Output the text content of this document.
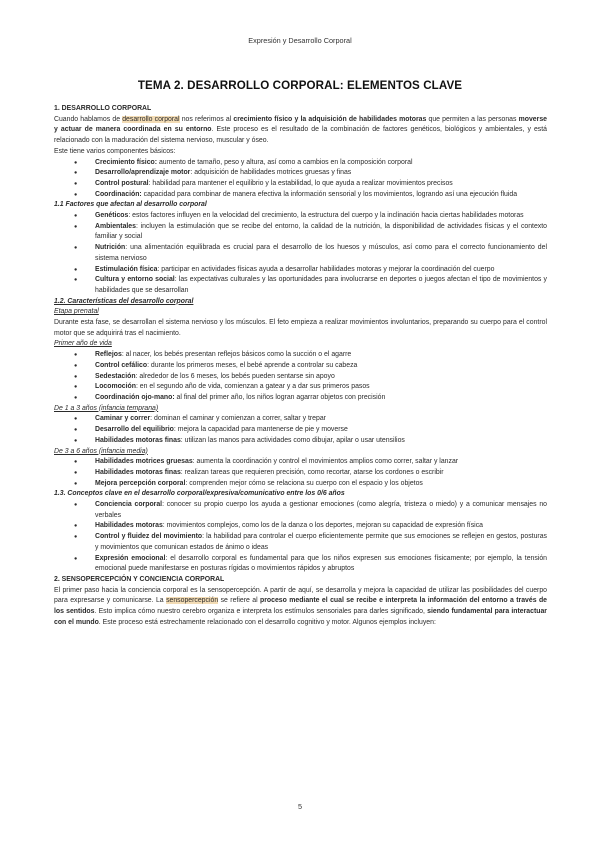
Expresión y Desarrollo Corporal
TEMA 2. DESARROLLO CORPORAL: ELEMENTOS CLAVE

1. DESARROLLO CORPORAL

Cuando hablamos de desarrollo corporal nos referimos al crecimiento físico y la adquisición de habilidades motoras que permiten a las personas moverse y actuar de manera coordinada en su entorno. Este proceso es el resultado de la combinación de factores genéticos, biológicos y ambientales, y está relacionado con la maduración del sistema nervioso, muscular y óseo.

Este tiene varios componentes básicos:

● Crecimiento físico: aumento de tamaño, peso y altura, así como a cambios en la composición corporal
● Desarrollo/aprendizaje motor: adquisición de habilidades motrices gruesas y finas
● Control postural: habilidad para mantener el equilibrio y la estabilidad, lo que ayuda a realizar movimientos precisos
● Coordinación: capacidad para combinar de manera efectiva la información sensorial y los movimientos, logrando así una ejecución fluida

1.1 Factores que afectan al desarrollo corporal

● Genéticos: estos factores influyen en la velocidad del crecimiento, la estructura del cuerpo y la inclinación hacia ciertas habilidades motoras
● Ambientales: incluyen la estimulación que se recibe del entorno, la calidad de la nutrición, la disponibilidad de actividades físicas y el contexto familiar y social
● Nutrición: una alimentación equilibrada es crucial para el desarrollo de los huesos y músculos, así como para el correcto funcionamiento del sistema nervioso
● Estimulación física: participar en actividades físicas ayuda a desarrollar habilidades motoras y mejorar la coordinación del cuerpo
● Cultura y entorno social: las expectativas culturales y las oportunidades para involucrarse en deportes o juegos afectan el tipo de movimientos y habilidades que se desarrollan

1.2. Características del desarrollo corporal

Etapa prenatal

Durante esta fase, se desarrollan el sistema nervioso y los músculos. El feto empieza a realizar movimientos involuntarios, preparando su cuerpo para el control motor que se adquirirá tras el nacimiento.

Primer año de vida

● Reflejos: al nacer, los bebés presentan reflejos básicos como la succión o el agarre
● Control cefálico: durante los primeros meses, el bebé aprende a controlar su cabeza
● Sedestación: alrededor de los 6 meses, los bebés pueden sentarse sin apoyo
● Locomoción: en el segundo año de vida, comienzan a gatear y a dar sus primeros pasos
● Coordinación ojo-mano: al final del primer año, los niños logran agarrar objetos con precisión

De 1 a 3 años (infancia temprana)

● Caminar y correr: dominan el caminar y comienzan a correr, saltar y trepar
● Desarrollo del equilibrio: mejora la capacidad para mantenerse de pie y moverse
● Habilidades motoras finas: utilizan las manos para actividades como dibujar, apilar o usar utensilios

De 3 a 6 años (infancia media)

● Habilidades motrices gruesas: aumenta la coordinación y control el movimientos amplios como correr, saltar y lanzar
● Habilidades motoras finas: realizan tareas que requieren precisión, como recortar, atarse los cordones o escribir
● Mejora percepción corporal: comprenden mejor cómo se relaciona su cuerpo con el espacio y los objetos

1.3. Conceptos clave en el desarrollo corporal/expresiva/comunicativo entre los 0/6 años

● Conciencia corporal: conocer su propio cuerpo los ayuda a gestionar emociones (como alegría, tristeza o miedo) y a comunicar mensajes no verbales
● Habilidades motoras: movimientos complejos, como los de la danza o los deportes, mejoran su capacidad de expresión física
● Control y fluidez del movimiento: la habilidad para controlar el cuerpo eficientemente permite que sus emociones se reflejen en gestos, posturas y movimientos que comunican estados de ánimo o ideas
● Expresión emocional: el desarrollo corporal es fundamental para que los niños expresen sus emociones físicamente; por ejemplo, la tensión emocional puede manifestarse en posturas rígidas o movimientos rápidos y abruptos

2. SENSOPERCEPCIÓN Y CONCIENCIA CORPORAL

El primer paso hacia la conciencia corporal es la sensopercepción. A partir de aquí, se desarrolla y mejora la capacidad de utilizar las posibilidades del cuerpo para expresarse y comunicarse. La sensopercepción se refiere al proceso mediante el cual se recibe e interpreta la información del entorno a través de los sentidos. Esto implica cómo nuestro cerebro organiza e interpreta los estímulos sensoriales para darles significado, siendo fundamental para interactuar con el mundo. Este proceso está estrechamente relacionado con el desarrollo cognitivo y motor. Algunos ejemplos incluyen:

5
